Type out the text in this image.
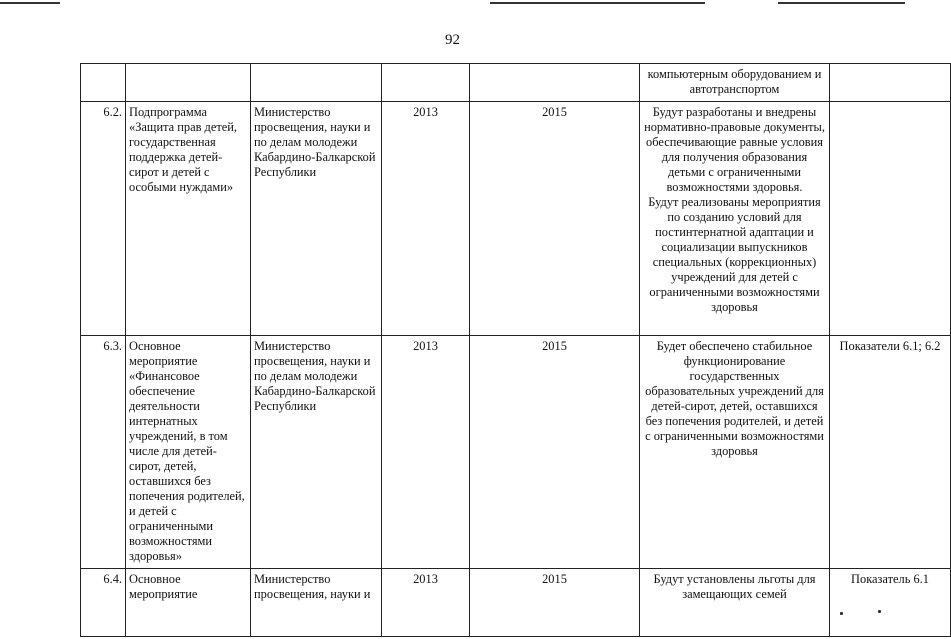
92

					компьютерным оборудованием и автотранспортом	

6.2.	Подпрограмма «Защита прав детей, государственная поддержка детей-сирот и детей с особыми нуждами»	Министерство просвещения, науки и по делам молодежи Кабардино-Балкарской Республики	2013	2015	Будут разработаны и внедрены нормативно-правовые документы, обеспечивающие равные условия для получения образования детьми с ограниченными возможностями здоровья.
Будут реализованы мероприятия по созданию условий для постинтернатной адаптации и социализации выпускников специальных (коррекционных) учреждений для детей с ограниченными возможностями здоровья	

6.3.	Основное мероприятие «Финансовое обеспечение деятельности интернатных учреждений, в том числе для детей-сирот, детей, оставшихся без попечения родителей, и детей с ограниченными возможностями здоровья»	Министерство просвещения, науки и по делам молодежи Кабардино-Балкарской Республики	2013	2015	Будет обеспечено стабильное функционирование государственных образовательных учреждений для детей-сирот, детей, оставшихся без попечения родителей, и детей с ограниченными возможностями здоровья	Показатели 6.1; 6.2
6.4.	Основное мероприятие	Министерство просвещения, науки и	2013	2015	Будут установлены льготы для замещающих семей	Показатель 6.1
